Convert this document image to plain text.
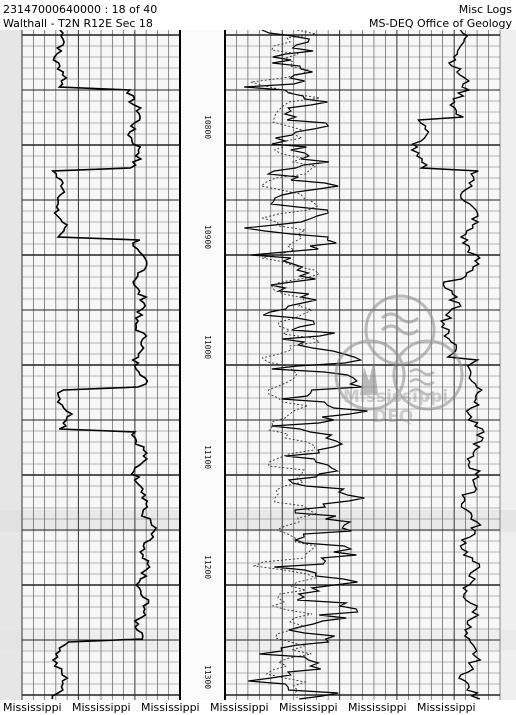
23147000640000 : 18 of 40
Walthall - T2N R12E Sec 18
Misc Logs
MS-DEQ Office of Geology
10800
10900
11000
11100
11200
11300
Mississippi
DEQ
Mississippi Mississippi Mississippi Mississippi Mississippi Mississippi Mississippi
